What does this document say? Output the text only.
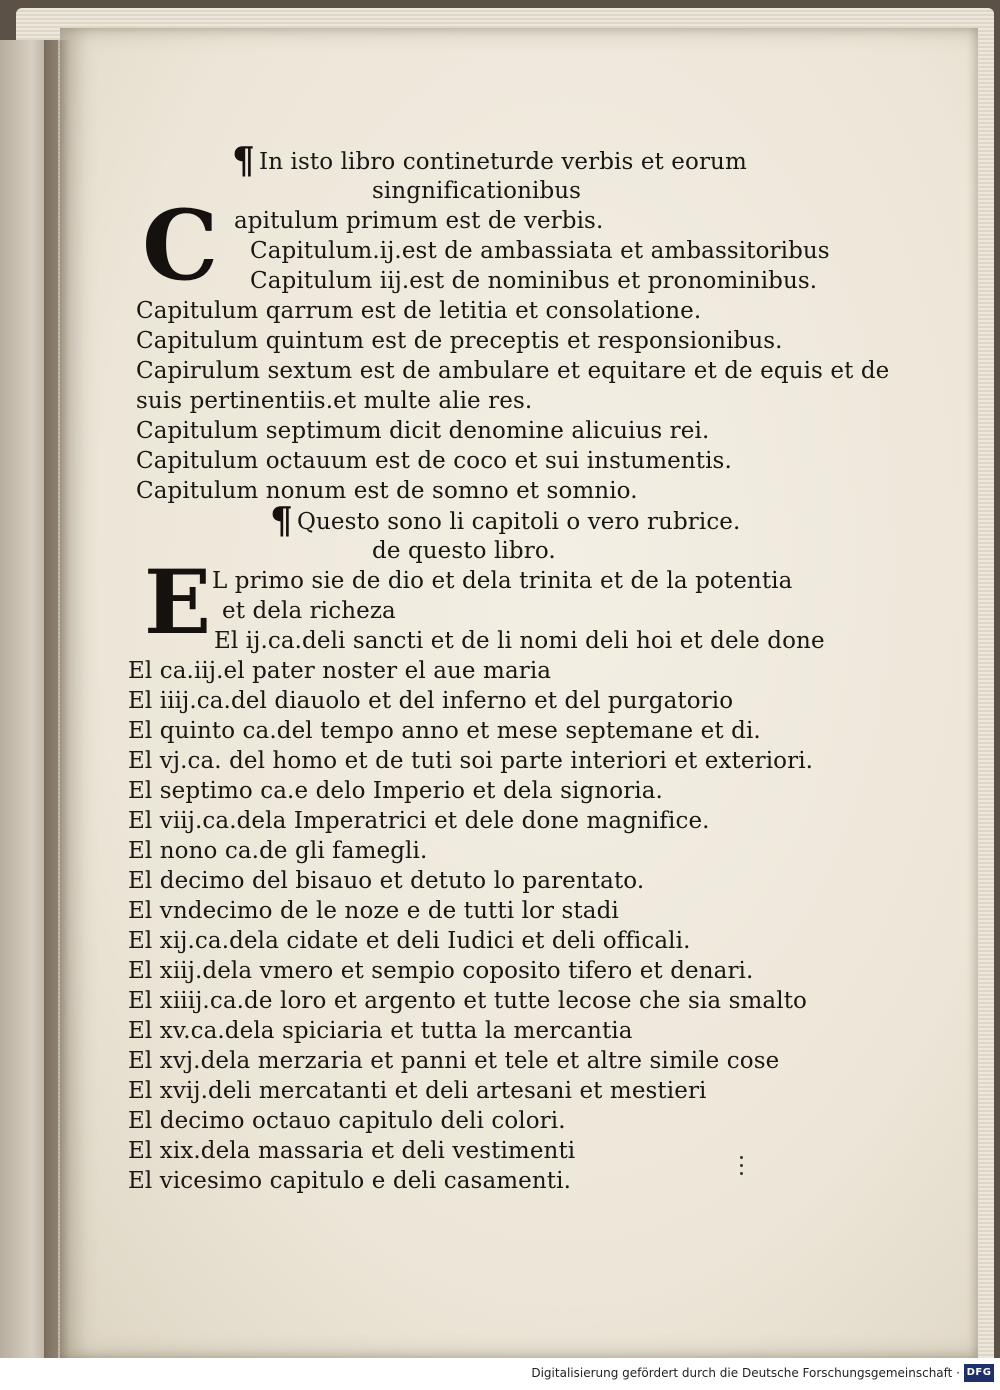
¶ In isto libro contineturde verbis et eorum

singnificationibus

C apitulum primum est de verbis.

Capitulum.ij.est de ambassiata et ambassitoribus

Capitulum iij.est de nominibus et pronominibus.

Capitulum qarrum est de letitia et consolatione.

Capitulum quintum est de preceptis et responsionibus.

Capirulum sextum est de ambulare et equitare et de equis et de

suis pertinentiis.et multe alie res.

Capitulum septimum dicit denomine alicuius rei.

Capitulum octauum est de coco et sui instumentis.

Capitulum nonum est de somno et somnio.

¶ Questo sono li capitoli o vero rubrice.

de questo libro.

E L primo sie de dio et dela trinita et de la potentia

et dela richeza

El ij.ca.deli sancti et de li nomi deli hoi et dele done

El ca.iij.el pater noster el aue maria

El iiij.ca.del diauolo et del inferno et del purgatorio

El quinto ca.del tempo anno et mese septemane et di.

El vj.ca. del homo et de tuti soi parte interiori et exteriori.

El septimo ca.e delo Imperio et dela signoria.

El viij.ca.dela Imperatrici et dele done magnifice.

El nono ca.de gli famegli.

El decimo del bisauo et detuto lo parentato.

El vndecimo de le noze e de tutti lor stadi

El xij.ca.dela cidate et deli Iudici et deli officali.

El xiij.dela vmero et sempio coposito tifero et denari.

El xiiij.ca.de loro et argento et tutte lecose che sia smalto

El xv.ca.dela spiciaria et tutta la mercantia

El xvj.dela merzaria et panni et tele et altre simile cose

El xvij.deli mercatanti et deli artesani et mestieri

El decimo octauo capitulo deli colori.

El xix.dela massaria et deli vestimenti

El vicesimo capitulo e deli casamenti.

Digitalisierung gefördert durch die Deutsche Forschungsgemeinschaft · DFG
